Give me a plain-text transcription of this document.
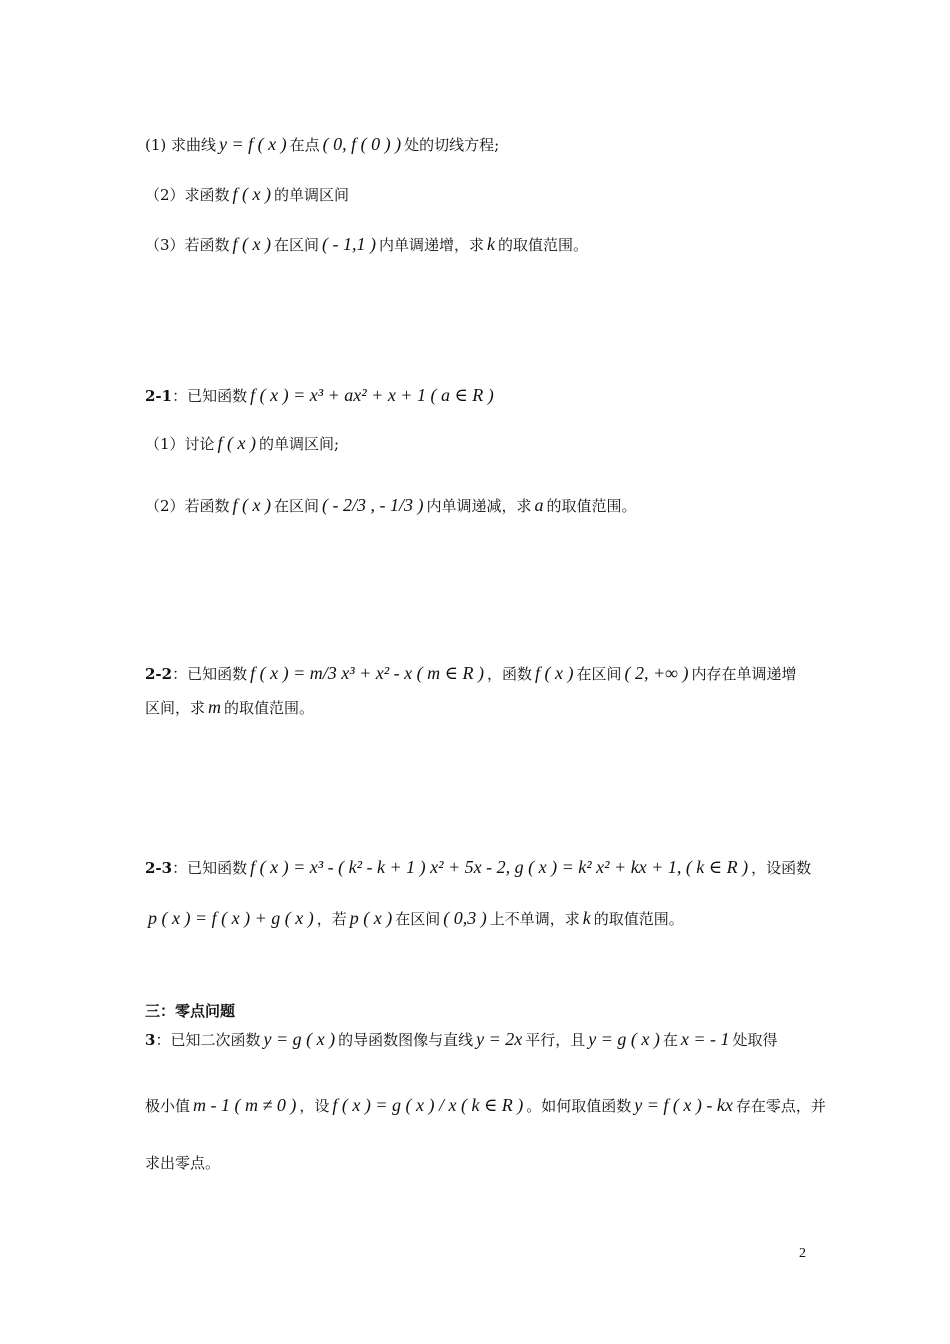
(1) 求曲线 y = f ( x ) 在点 ( 0, f ( 0 ) ) 处的切线方程;
（2）求函数 f ( x ) 的单调区间
（3）若函数 f ( x ) 在区间 ( - 1,1 ) 内单调递增，求 k 的取值范围。
2-1：已知函数 f ( x ) = x³ + ax² + x + 1 ( a ∈ R )
（1）讨论 f ( x ) 的单调区间;
（2）若函数 f ( x ) 在区间 ( - 2/3 , - 1/3 ) 内单调递减，求 a 的取值范围。
2-2：已知函数 f ( x ) = m/3 x³ + x² - x ( m ∈ R ) ，函数 f ( x ) 在区间 ( 2, +∞ ) 内存在单调递增
区间，求 m 的取值范围。
2-3：已知函数 f ( x ) = x³ - ( k² - k + 1 ) x² + 5x - 2, g ( x ) = k² x² + kx + 1, ( k ∈ R ) ，设函数
p ( x ) = f ( x ) + g ( x ) ，若 p ( x ) 在区间 ( 0,3 ) 上不单调，求 k 的取值范围。
三：零点问题
3：已知二次函数 y = g ( x ) 的导函数图像与直线 y = 2x 平行，且 y = g ( x ) 在 x = - 1 处取得
极小值 m - 1 ( m ≠ 0 ) ，设 f ( x ) = g ( x ) / x ( k ∈ R ) 。如何取值函数 y = f ( x ) - kx 存在零点，并
求出零点。
2
